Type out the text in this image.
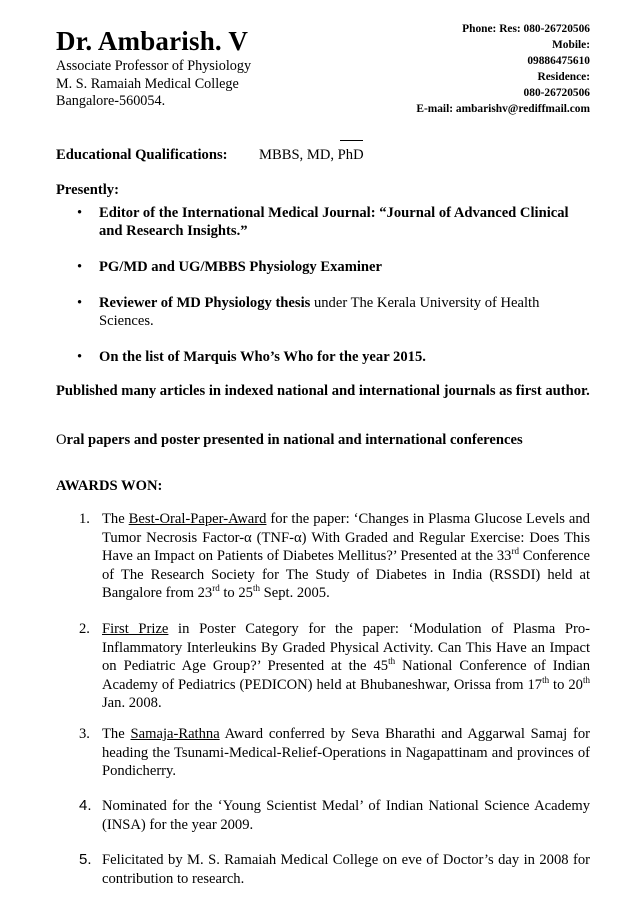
Dr. Ambarish. V
Associate Professor of Physiology
M. S. Ramaiah Medical College
Bangalore-560054.
Phone: Res: 080-26720506
Mobile:
09886475610
Residence:
080-26720506
E-mail: ambarishv@rediffmail.com
Educational Qualifications: MBBS, MD, PhD
Presently:
• Editor of the International Medical Journal: “Journal of Advanced Clinical and Research Insights.”
• PG/MD and UG/MBBS Physiology Examiner
• Reviewer of MD Physiology thesis under The Kerala University of Health Sciences.
• On the list of Marquis Who’s Who for the year 2015.
Published many articles in indexed national and international journals as first author.
Oral papers and poster presented in national and international conferences
AWARDS WON:
1. The Best-Oral-Paper-Award for the paper: ‘Changes in Plasma Glucose Levels and Tumor Necrosis Factor-α (TNF-α) With Graded and Regular Exercise: Does This Have an Impact on Patients of Diabetes Mellitus?’ Presented at the 33rd Conference of The Research Society for The Study of Diabetes in India (RSSDI) held at Bangalore from 23rd to 25th Sept. 2005.
2. First Prize in Poster Category for the paper: ‘Modulation of Plasma Pro-Inflammatory Interleukins By Graded Physical Activity. Can This Have an Impact on Pediatric Age Group?’ Presented at the 45th National Conference of Indian Academy of Pediatrics (PEDICON) held at Bhubaneshwar, Orissa from 17th to 20th Jan. 2008.
3. The Samaja-Rathna Award conferred by Seva Bharathi and Aggarwal Samaj for heading the Tsunami-Medical-Relief-Operations in Nagapattinam and provinces of Pondicherry.
4. Nominated for the ‘Young Scientist Medal’ of Indian National Science Academy (INSA) for the year 2009.
5. Felicitated by M. S. Ramaiah Medical College on eve of Doctor’s day in 2008 for contribution to research.
